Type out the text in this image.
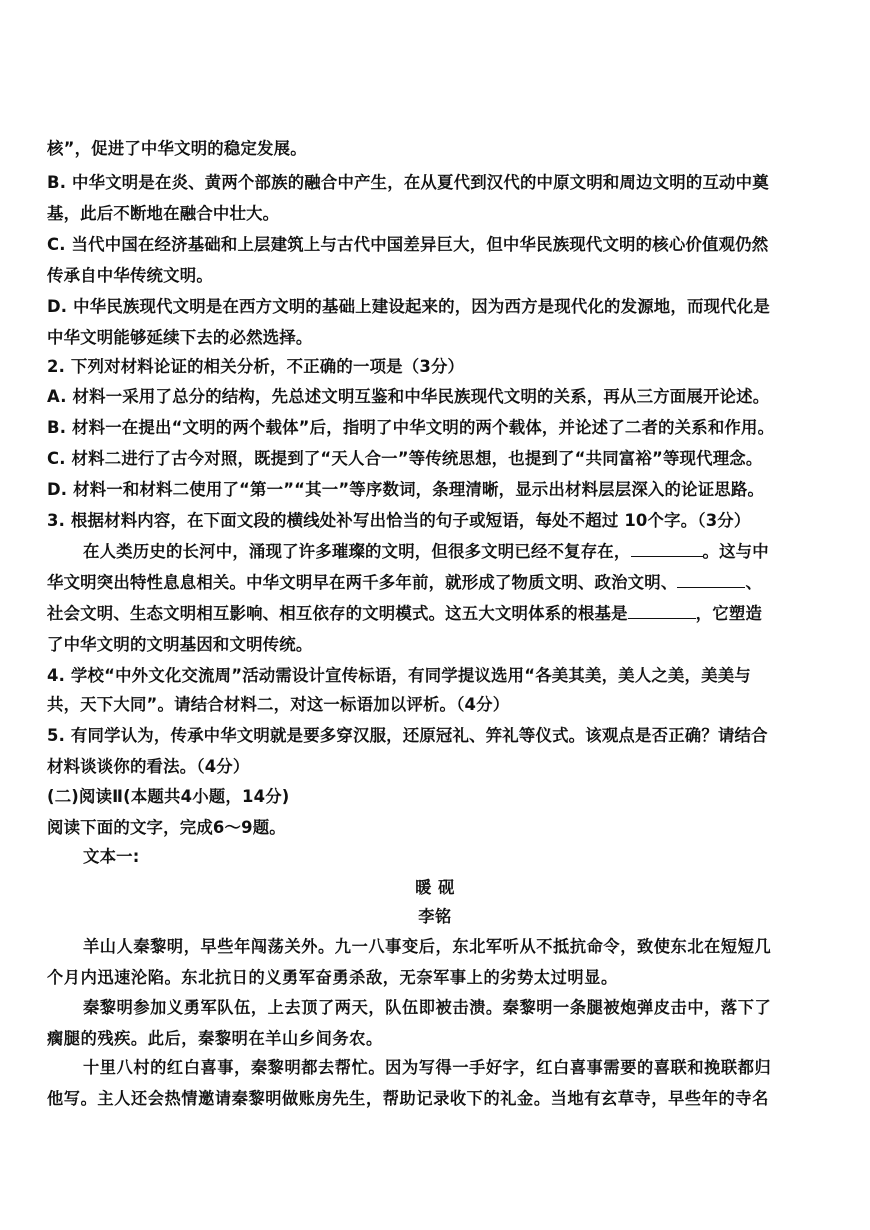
核”，促进了中华文明的稳定发展。
B. 中华文明是在炎、黄两个部族的融合中产生，在从夏代到汉代的中原文明和周边文明的互动中奠
基，此后不断地在融合中壮大。
C. 当代中国在经济基础和上层建筑上与古代中国差异巨大，但中华民族现代文明的核心价值观仍然
传承自中华传统文明。
D. 中华民族现代文明是在西方文明的基础上建设起来的，因为西方是现代化的发源地，而现代化是
中华文明能够延续下去的必然选择。
2. 下列对材料论证的相关分析，不正确的一项是（3分）
A. 材料一采用了总分的结构，先总述文明互鉴和中华民族现代文明的关系，再从三方面展开论述。
B. 材料一在提出“文明的两个载体”后，指明了中华文明的两个载体，并论述了二者的关系和作用。
C. 材料二进行了古今对照，既提到了“天人合一”等传统思想，也提到了“共同富裕”等现代理念。
D. 材料一和材料二使用了“第一”“其一”等序数词，条理清晰，显示出材料层层深入的论证思路。
3. 根据材料内容，在下面文段的横线处补写出恰当的句子或短语，每处不超过 10个字。（3分）
在人类历史的长河中，涌现了许多璀璨的文明，但很多文明已经不复存在，	。这与中
华文明突出特性息息相关。中华文明早在两千多年前，就形成了物质文明、政治文明、	、
社会文明、生态文明相互影响、相互依存的文明模式。这五大文明体系的根基是	，它塑造
了中华文明的文明基因和文明传统。
4. 学校“中外文化交流周”活动需设计宣传标语，有同学提议选用“各美其美，美人之美，美美与
共，天下大同”。请结合材料二，对这一标语加以评析。（4分）
5. 有同学认为，传承中华文明就是要多穿汉服，还原冠礼、笄礼等仪式。该观点是否正确？请结合
材料谈谈你的看法。（4分）
(二)阅读Ⅱ(本题共4小题，14分)
阅读下面的文字，完成6～9题。
文本一:
暖 砚
李铭
羊山人秦黎明，早些年闯荡关外。九一八事变后，东北军听从不抵抗命令，致使东北在短短几
个月内迅速沦陷。东北抗日的义勇军奋勇杀敌，无奈军事上的劣势太过明显。
秦黎明参加义勇军队伍，上去顶了两天，队伍即被击溃。秦黎明一条腿被炮弹皮击中，落下了
瘸腿的残疾。此后，秦黎明在羊山乡间务农。
十里八村的红白喜事，秦黎明都去帮忙。因为写得一手好字，红白喜事需要的喜联和挽联都归
他写。主人还会热情邀请秦黎明做账房先生，帮助记录收下的礼金。当地有玄草寺，早些年的寺名
